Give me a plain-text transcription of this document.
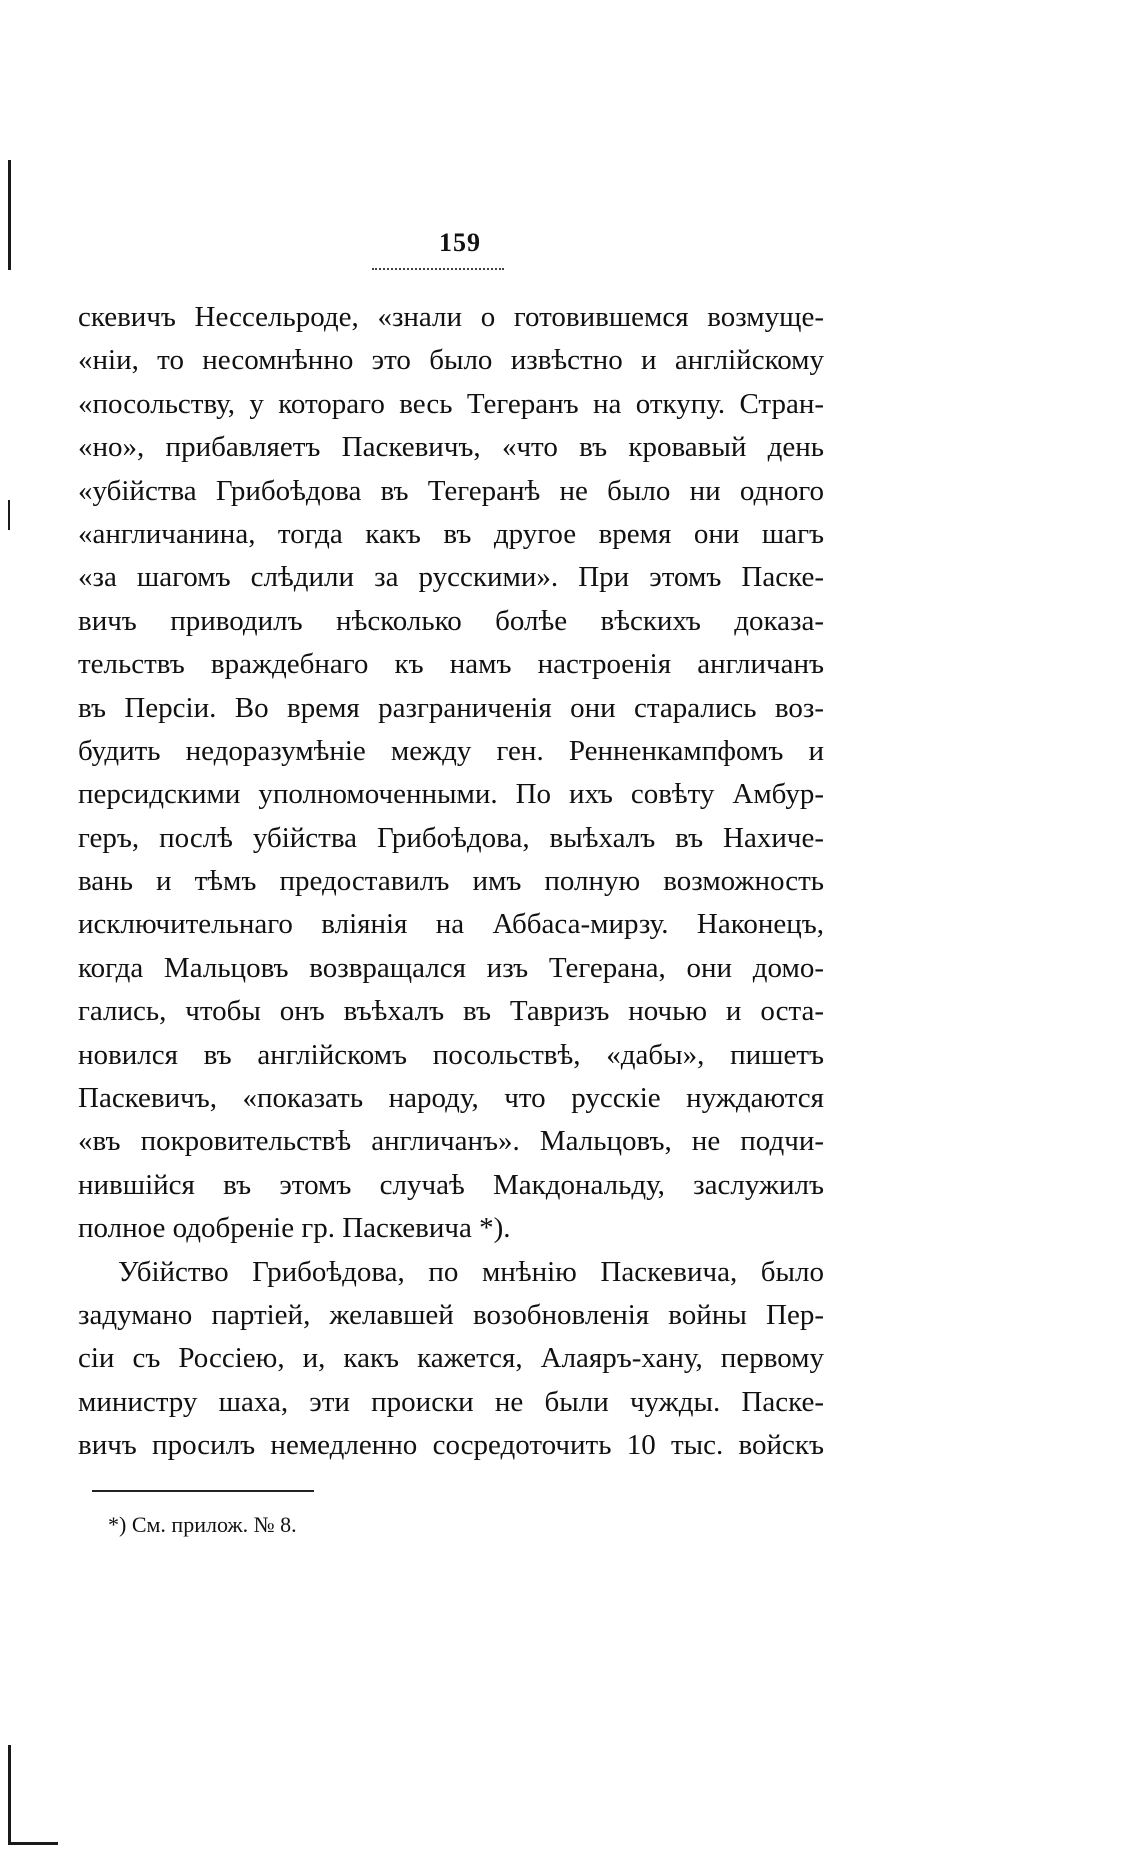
159
скевичъ Нессельроде, «знали о готовившемся возмуще-
«ніи, то несомнѣнно это было извѣстно и англійскому
«посольству, у котораго весь Тегеранъ на откупу. Стран-
«но», прибавляетъ Паскевичъ, «что въ кровавый день
«убійства Грибоѣдова въ Тегеранѣ не было ни одного
«англичанина, тогда какъ въ другое время они шагъ
«за шагомъ слѣдили за русскими». При этомъ Паске-
вичъ приводилъ нѣсколько болѣе вѣскихъ доказа-
тельствъ враждебнаго къ намъ настроенія англичанъ
въ Персіи. Во время разграниченія они старались воз-
будить недоразумѣніе между ген. Ренненкампфомъ и
персидскими уполномоченными. По ихъ совѣту Амбур-
геръ, послѣ убійства Грибоѣдова, выѣхалъ въ Нахиче-
вань и тѣмъ предоставилъ имъ полную возможность
исключительнаго вліянія на Аббаса-мирзу. Наконецъ,
когда Мальцовъ возвращался изъ Тегерана, они домо-
гались, чтобы онъ въѣхалъ въ Тавризъ ночью и оста-
новился въ англійскомъ посольствѣ, «дабы», пишетъ
Паскевичъ, «показать народу, что русскіе нуждаются
«въ покровительствѣ англичанъ». Мальцовъ, не подчи-
нившійся въ этомъ случаѣ Макдональду, заслужилъ
полное одобреніе гр. Паскевича *).
Убійство Грибоѣдова, по мнѣнію Паскевича, было
задумано партіей, желавшей возобновленія войны Пер-
сіи съ Россіею, и, какъ кажется, Алаяръ-хану, первому
министру шаха, эти происки не были чужды. Паске-
вичъ просилъ немедленно сосредоточить 10 тыс. войскъ
*) См. прилож. № 8.
